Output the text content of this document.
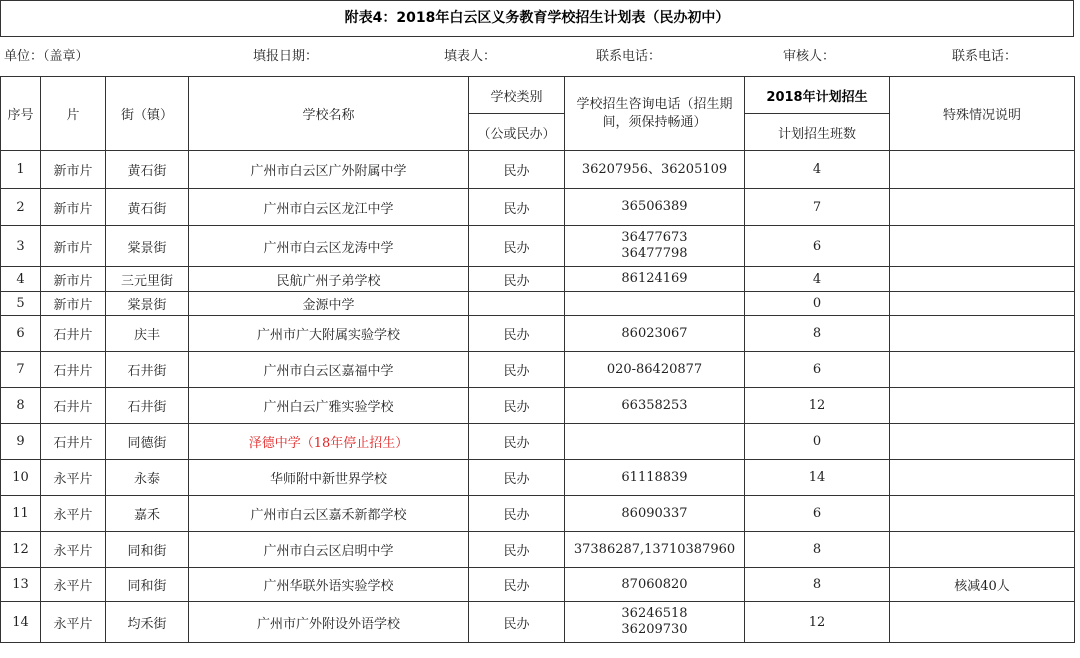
附表4：2018年白云区义务教育学校招生计划表（民办初中）
单位：（盖章）	填报日期：	填表人：	联系电话：	审核人：	联系电话：
序号	片	街（镇）	学校名称	学校类别	学校招生咨询电话（招生期间，须保持畅通）	2018年计划招生	特殊情况说明
				（公或民办）		计划招生班数	
1	新市片	黄石街	广州市白云区广外附属中学	民办	36207956、36205109	4	
2	新市片	黄石街	广州市白云区龙江中学	民办	36506389	7	
3	新市片	棠景街	广州市白云区龙涛中学	民办	36477673
36477798	6	
4	新市片	三元里街	民航广州子弟学校	民办	86124169	4	
5	新市片	棠景街	金源中学			0	
6	石井片	庆丰	广州市广大附属实验学校	民办	86023067	8	
7	石井片	石井街	广州市白云区嘉福中学	民办	020-86420877	6	
8	石井片	石井街	广州白云广雅实验学校	民办	66358253	12	
9	石井片	同德街	泽德中学（18年停止招生）	民办		0	
10	永平片	永泰	华师附中新世界学校	民办	61118839	14	
11	永平片	嘉禾	广州市白云区嘉禾新都学校	民办	86090337	6	
12	永平片	同和街	广州市白云区启明中学	民办	37386287,13710387960	8	
13	永平片	同和街	广州华联外语实验学校	民办	87060820	8	核减40人
14	永平片	均禾街	广州市广外附设外语学校	民办	36246518
36209730	12	
